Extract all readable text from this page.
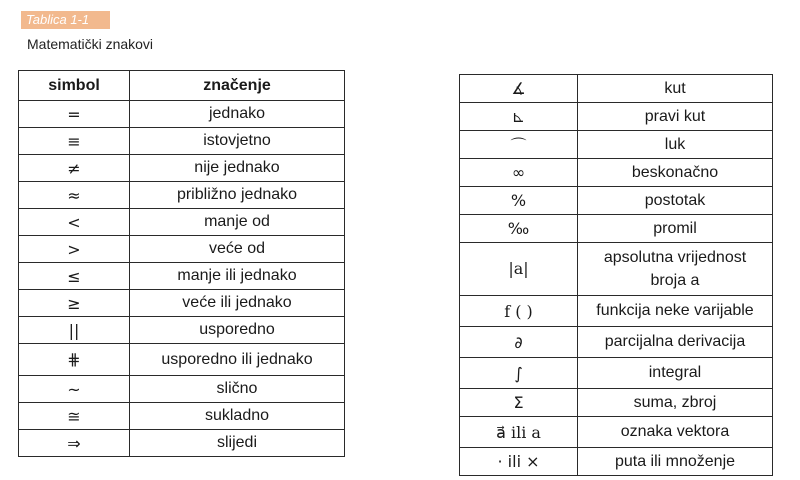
Tablica 1-1
Matematički znakovi
simbol	značenje
=	jednako
≡	istovjetno
≠	nije jednako
≈	približno jednako
<	manje od
>	veće od
≤	manje ili jednako
≥	veće ili jednako
||	usporedno
⋕	usporedno ili jednako
~	slično
≅	sukladno
⇒	slijedi
∡	kut
⊾	pravi kut
⌒	luk
∞	beskonačno
%	postotak
‰	promil
|a|	apsolutna vrijednost
broja a
f ( )	funkcija neke varijable
∂	parcijalna derivacija
∫	integral
Σ	suma, zbroj
a⃗ ili a	oznaka vektora
· ili ×	puta ili množenje
